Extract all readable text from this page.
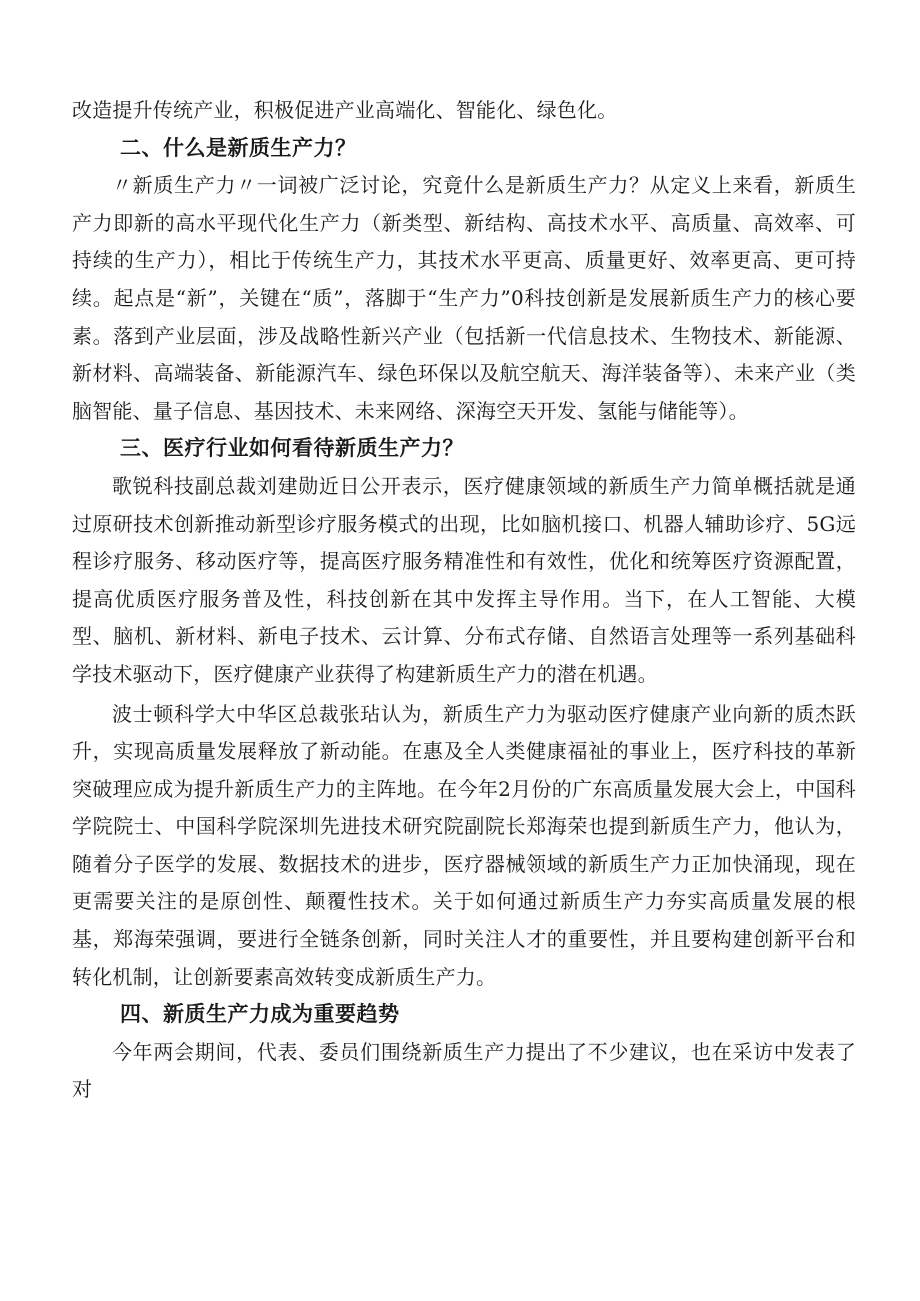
改造提升传统产业，积极促进产业高端化、智能化、绿色化。

二、什么是新质生产力？

〃新质生产力〃一词被广泛讨论，究竟什么是新质生产力？从定义上来看，新质生产力即新的高水平现代化生产力（新类型、新结构、高技术水平、高质量、高效率、可持续的生产力），相比于传统生产力，其技术水平更高、质量更好、效率更高、更可持续。起点是“新”，关键在“质”，落脚于“生产力”0科技创新是发展新质生产力的核心要素。落到产业层面，涉及战略性新兴产业（包括新一代信息技术、生物技术、新能源、新材料、高端装备、新能源汽车、绿色环保以及航空航天、海洋装备等）、未来产业（类脑智能、量子信息、基因技术、未来网络、深海空天开发、氢能与储能等）。

三、医疗行业如何看待新质生产力？

歌锐科技副总裁刘建勋近日公开表示，医疗健康领域的新质生产力简单概括就是通过原研技术创新推动新型诊疗服务模式的出现，比如脑机接口、机器人辅助诊疗、5G远程诊疗服务、移动医疗等，提高医疗服务精准性和有效性，优化和统筹医疗资源配置，提高优质医疗服务普及性，科技创新在其中发挥主导作用。当下，在人工智能、大模型、脑机、新材料、新电子技术、云计算、分布式存储、自然语言处理等一系列基础科学技术驱动下，医疗健康产业获得了构建新质生产力的潜在机遇。

波士顿科学大中华区总裁张玷认为，新质生产力为驱动医疗健康产业向新的质杰跃升，实现高质量发展释放了新动能。在惠及全人类健康福祉的事业上，医疗科技的革新突破理应成为提升新质生产力的主阵地。在今年2月份的广东高质量发展大会上，中国科学院院士、中国科学院深圳先进技术研究院副院长郑海荣也提到新质生产力，他认为，随着分子医学的发展、数据技术的进步，医疗器械领域的新质生产力正加快涌现，现在更需要关注的是原创性、颠覆性技术。关于如何通过新质生产力夯实高质量发展的根基，郑海荣强调，要进行全链条创新，同时关注人才的重要性，并且要构建创新平台和转化机制，让创新要素高效转变成新质生产力。

四、新质生产力成为重要趋势

今年两会期间，代表、委员们围绕新质生产力提出了不少建议，也在采访中发表了对
